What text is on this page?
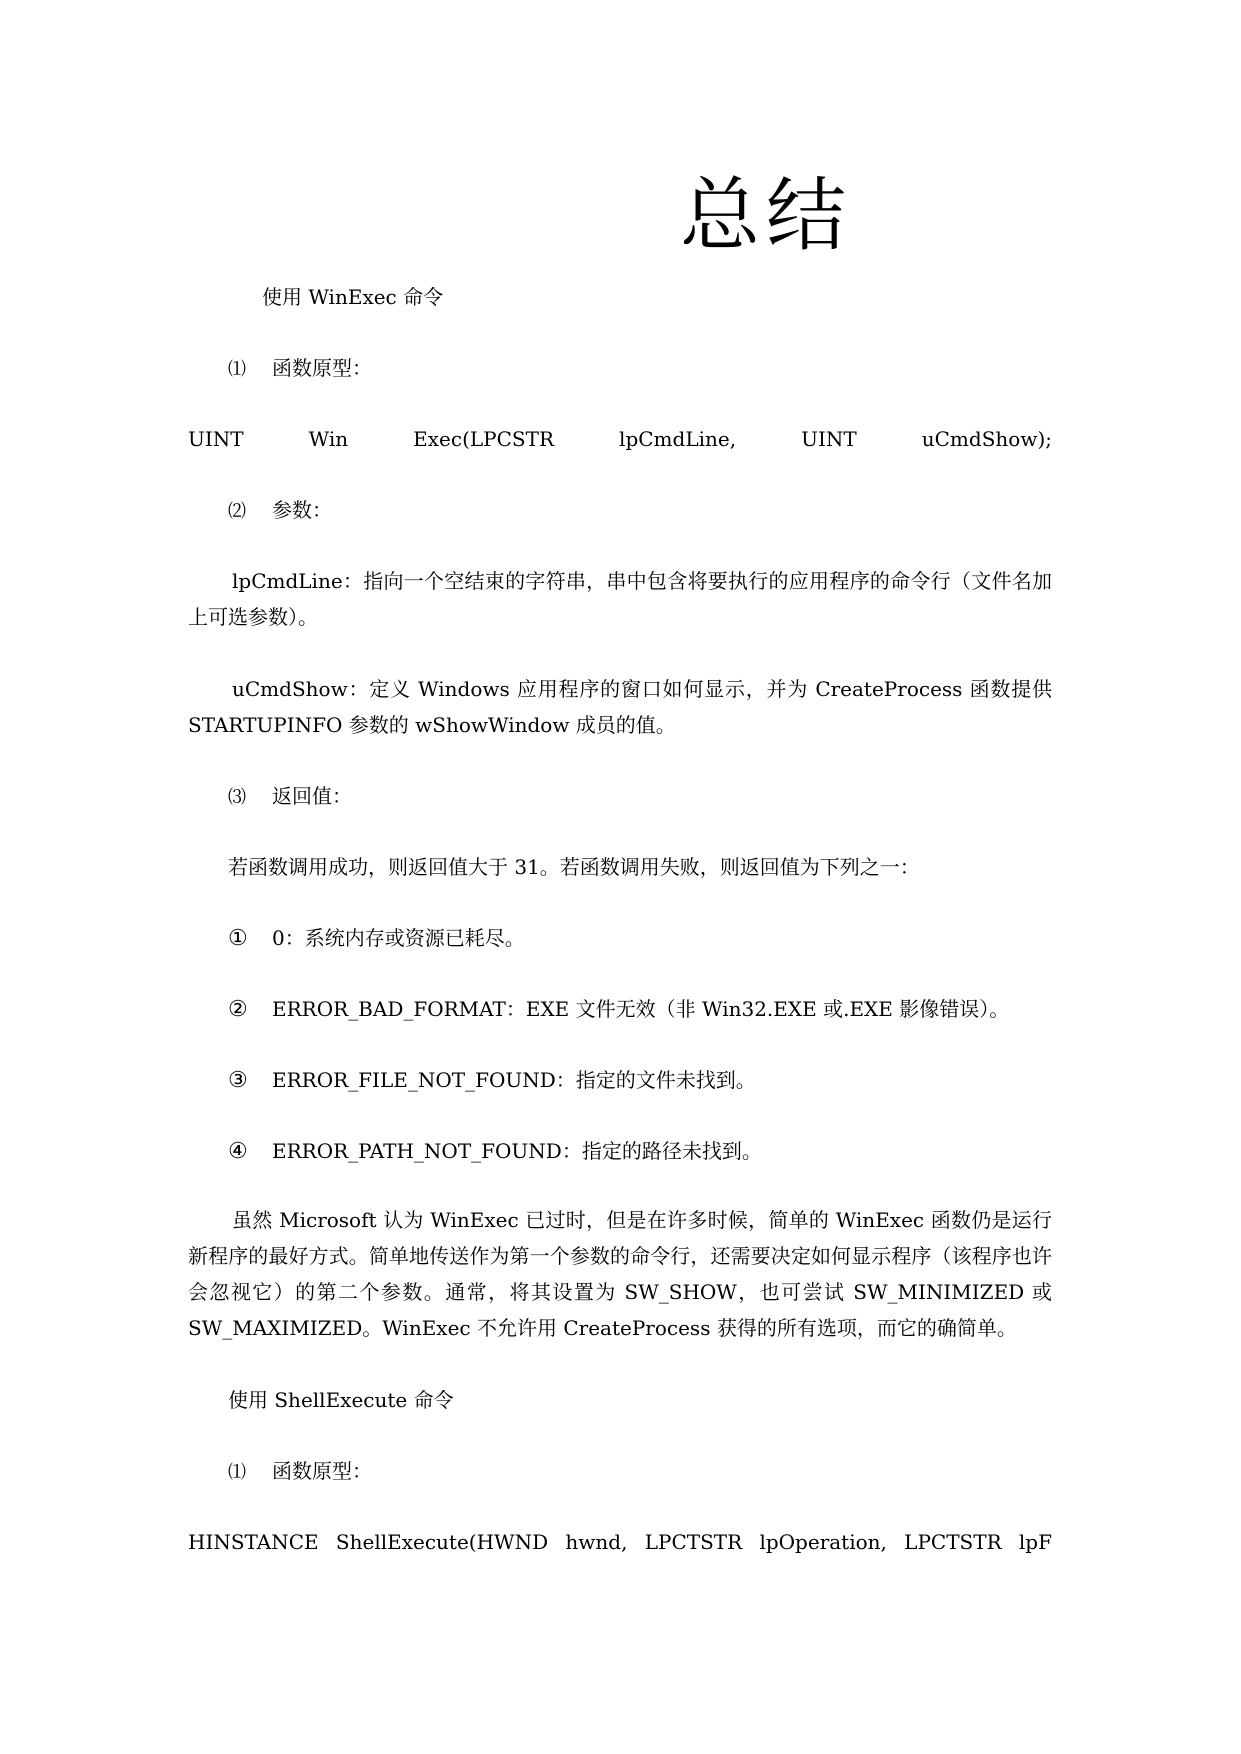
总结
使用 WinExec 命令
⑴ 函数原型：
UINT	Win	Exec(LPCSTR	lpCmdLine,	UINT	uCmdShow);
⑵ 参数：
lpCmdLine：指向一个空结束的字符串，串中包含将要执行的应用程序的命令行（文件名加上可选参数）。
uCmdShow：定义 Windows 应用程序的窗口如何显示，并为 CreateProcess 函数提供 STARTUPINFO 参数的 wShowWindow 成员的值。
⑶ 返回值：
若函数调用成功，则返回值大于 31。若函数调用失败，则返回值为下列之一：
① 0：系统内存或资源已耗尽。
② ERROR_BAD_FORMAT：EXE 文件无效（非 Win32.EXE 或.EXE 影像错误）。
③ ERROR_FILE_NOT_FOUND：指定的文件未找到。
④ ERROR_PATH_NOT_FOUND：指定的路径未找到。
虽然 Microsoft 认为 WinExec 已过时，但是在许多时候，简单的 WinExec 函数仍是运行新程序的最好方式。简单地传送作为第一个参数的命令行，还需要决定如何显示程序（该程序也许会忽视它）的第二个参数。通常，将其设置为 SW_SHOW，也可尝试 SW_MINIMIZED 或 SW_MAXIMIZED。WinExec 不允许用 CreateProcess 获得的所有选项，而它的确简单。
使用 ShellExecute 命令
⑴ 函数原型：
HINSTANCE ShellExecute(HWND hwnd, LPCTSTR lpOperation, LPCTSTR lpF
